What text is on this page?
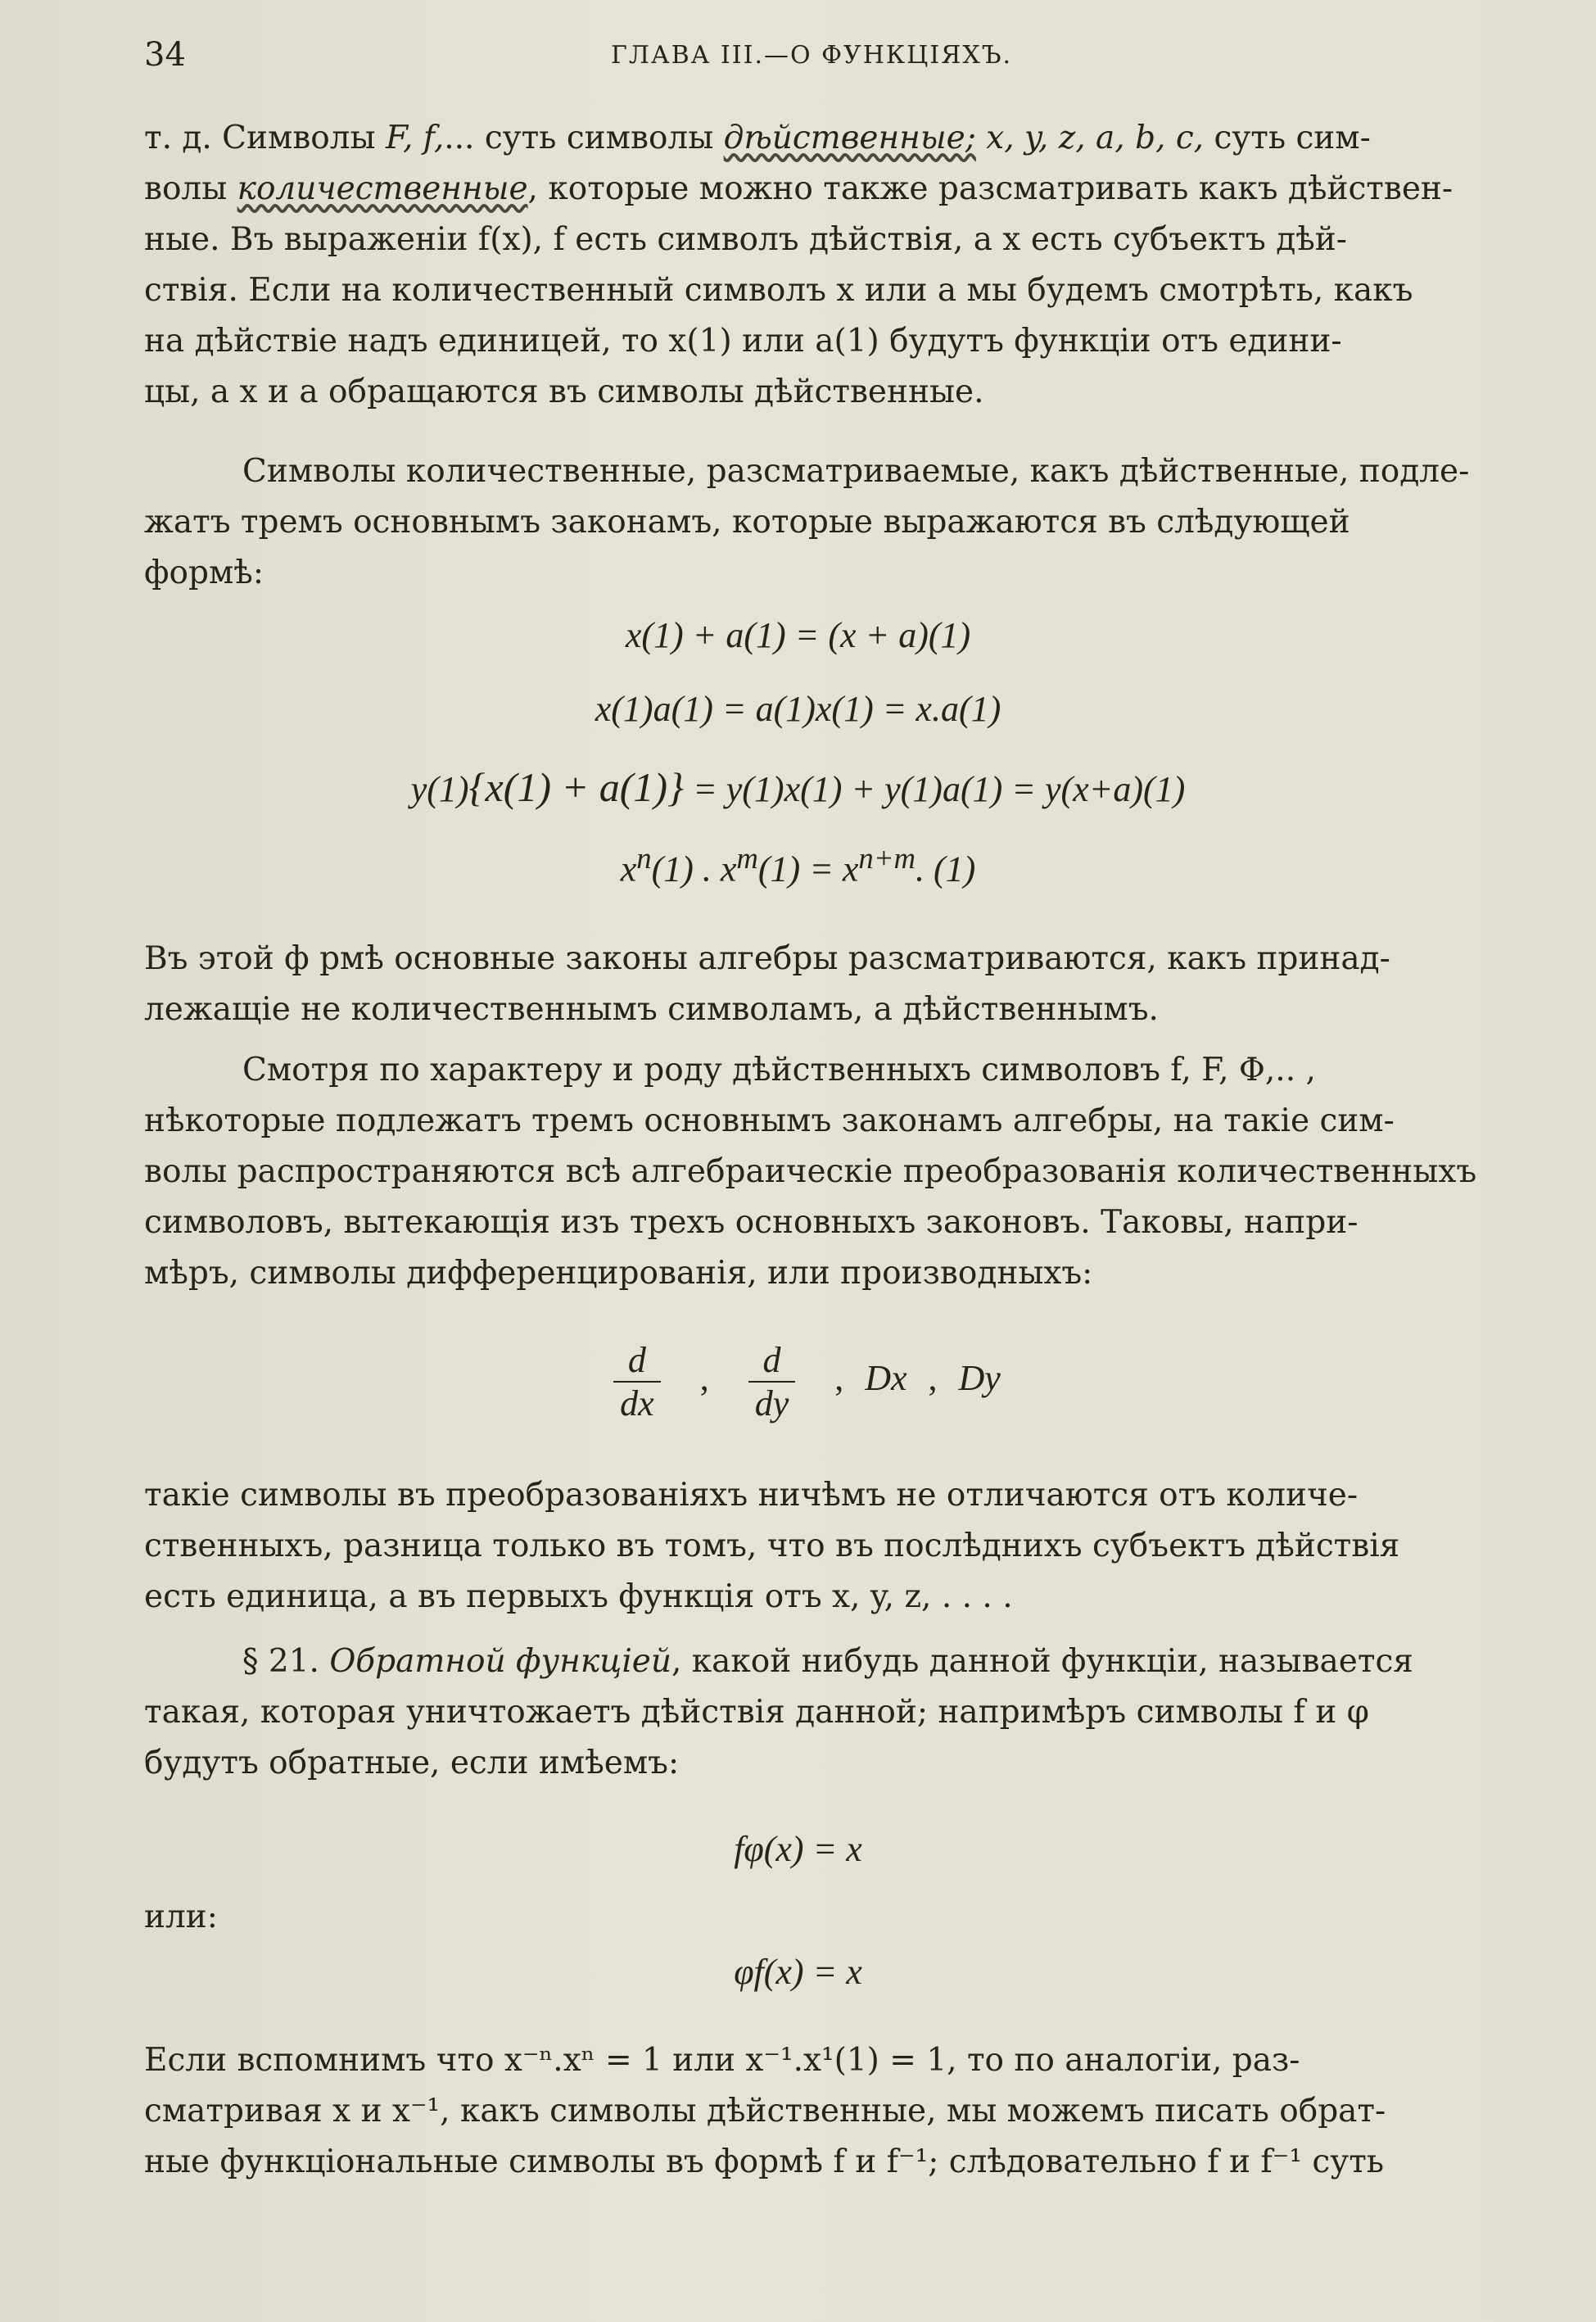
34	ГЛАВА III.—О ФУНКЦІЯХЪ.
т. д. Символы F, f,... суть символы дѣйственные; x, y, z, a, b, c, суть сим-
волы количественные, которые можно также разсматривать какъ дѣйствен-
ные. Въ выраженіи f(x), f есть символъ дѣйствія, а x есть субъектъ дѣй-
ствія. Если на количественный символъ x или a мы будемъ смотрѣть, какъ
на дѣйствіе надъ единицей, то x(1) или a(1) будутъ функціи отъ едини-
цы, а x и a обращаются въ символы дѣйственные.
Символы количественные, разсматриваемые, какъ дѣйственные, подле-
жатъ тремъ основнымъ законамъ, которые выражаются въ слѣдующей
формѣ:
x(1) + a(1) = (x + a)(1)
x(1)a(1) = a(1)x(1) = x.a(1)
y(1){x(1) + a(1)} = y(1)x(1) + y(1)a(1) = y(x+a)(1)
$x^n(1)$ . $x^m(1) = x^{n+m}$. (1)
Въ этой ф рмѣ основные законы алгебры разсматриваются, какъ принад-
лежащіе не количественнымъ символамъ, а дѣйственнымъ.
Смотря по характеру и роду дѣйственныхъ символовъ f, F, Φ,.. ,
нѣкоторые подлежатъ тремъ основнымъ законамъ алгебры, на такіе сим-
волы распространяются всѣ алгебраическіе преобразованія количественныхъ
символовъ, вытекающія изъ трехъ основныхъ законовъ. Таковы, напри-
мѣръ, символы дифференцированія, или производныхъ:
$\frac{d}{dx}$ , $\frac{d}{dy}$ , Dx , Dy
такіе символы въ преобразованіяхъ ничѣмъ не отличаются отъ количе-
ственныхъ, разница только въ томъ, что въ послѣднихъ субъектъ дѣйствія
есть единица, а въ первыхъ функція отъ x, y, z, . . . .
§ 21. Обратной функціей, какой нибудь данной функціи, называется
такая, которая уничтожаетъ дѣйствія данной; напримѣръ символы f и φ
будутъ обратные, если имѣемъ:
fφ(x) = x
или:
φf(x) = x
Если вспомнимъ что x⁻ⁿ.xⁿ = 1 или x⁻¹.x¹(1) = 1, то по аналогіи, раз-
сматривая x и x⁻¹, какъ символы дѣйственные, мы можемъ писать обрат-
ные функціональные символы въ формѣ f и f⁻¹; слѣдовательно f и f⁻¹ суть
